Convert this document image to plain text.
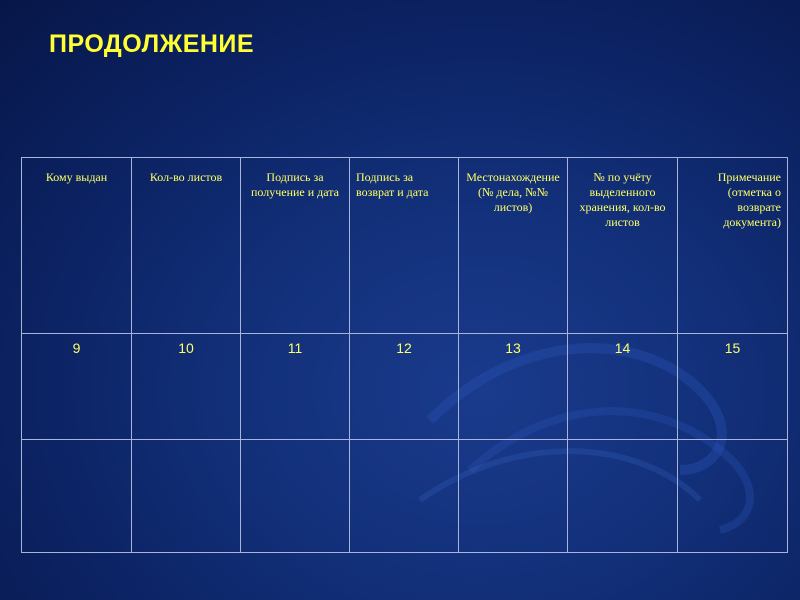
ПРОДОЛЖЕНИЕ
Кому выдан	Кол-во листов	Подпись за получение и дата	Подпись за возврат и дата	Местонахождение (№ дела, №№ листов)	№ по учёту выделенного хранения, кол-во листов	Примечание (отметка о возврате документа)

9	10	11	12	13	14	15
